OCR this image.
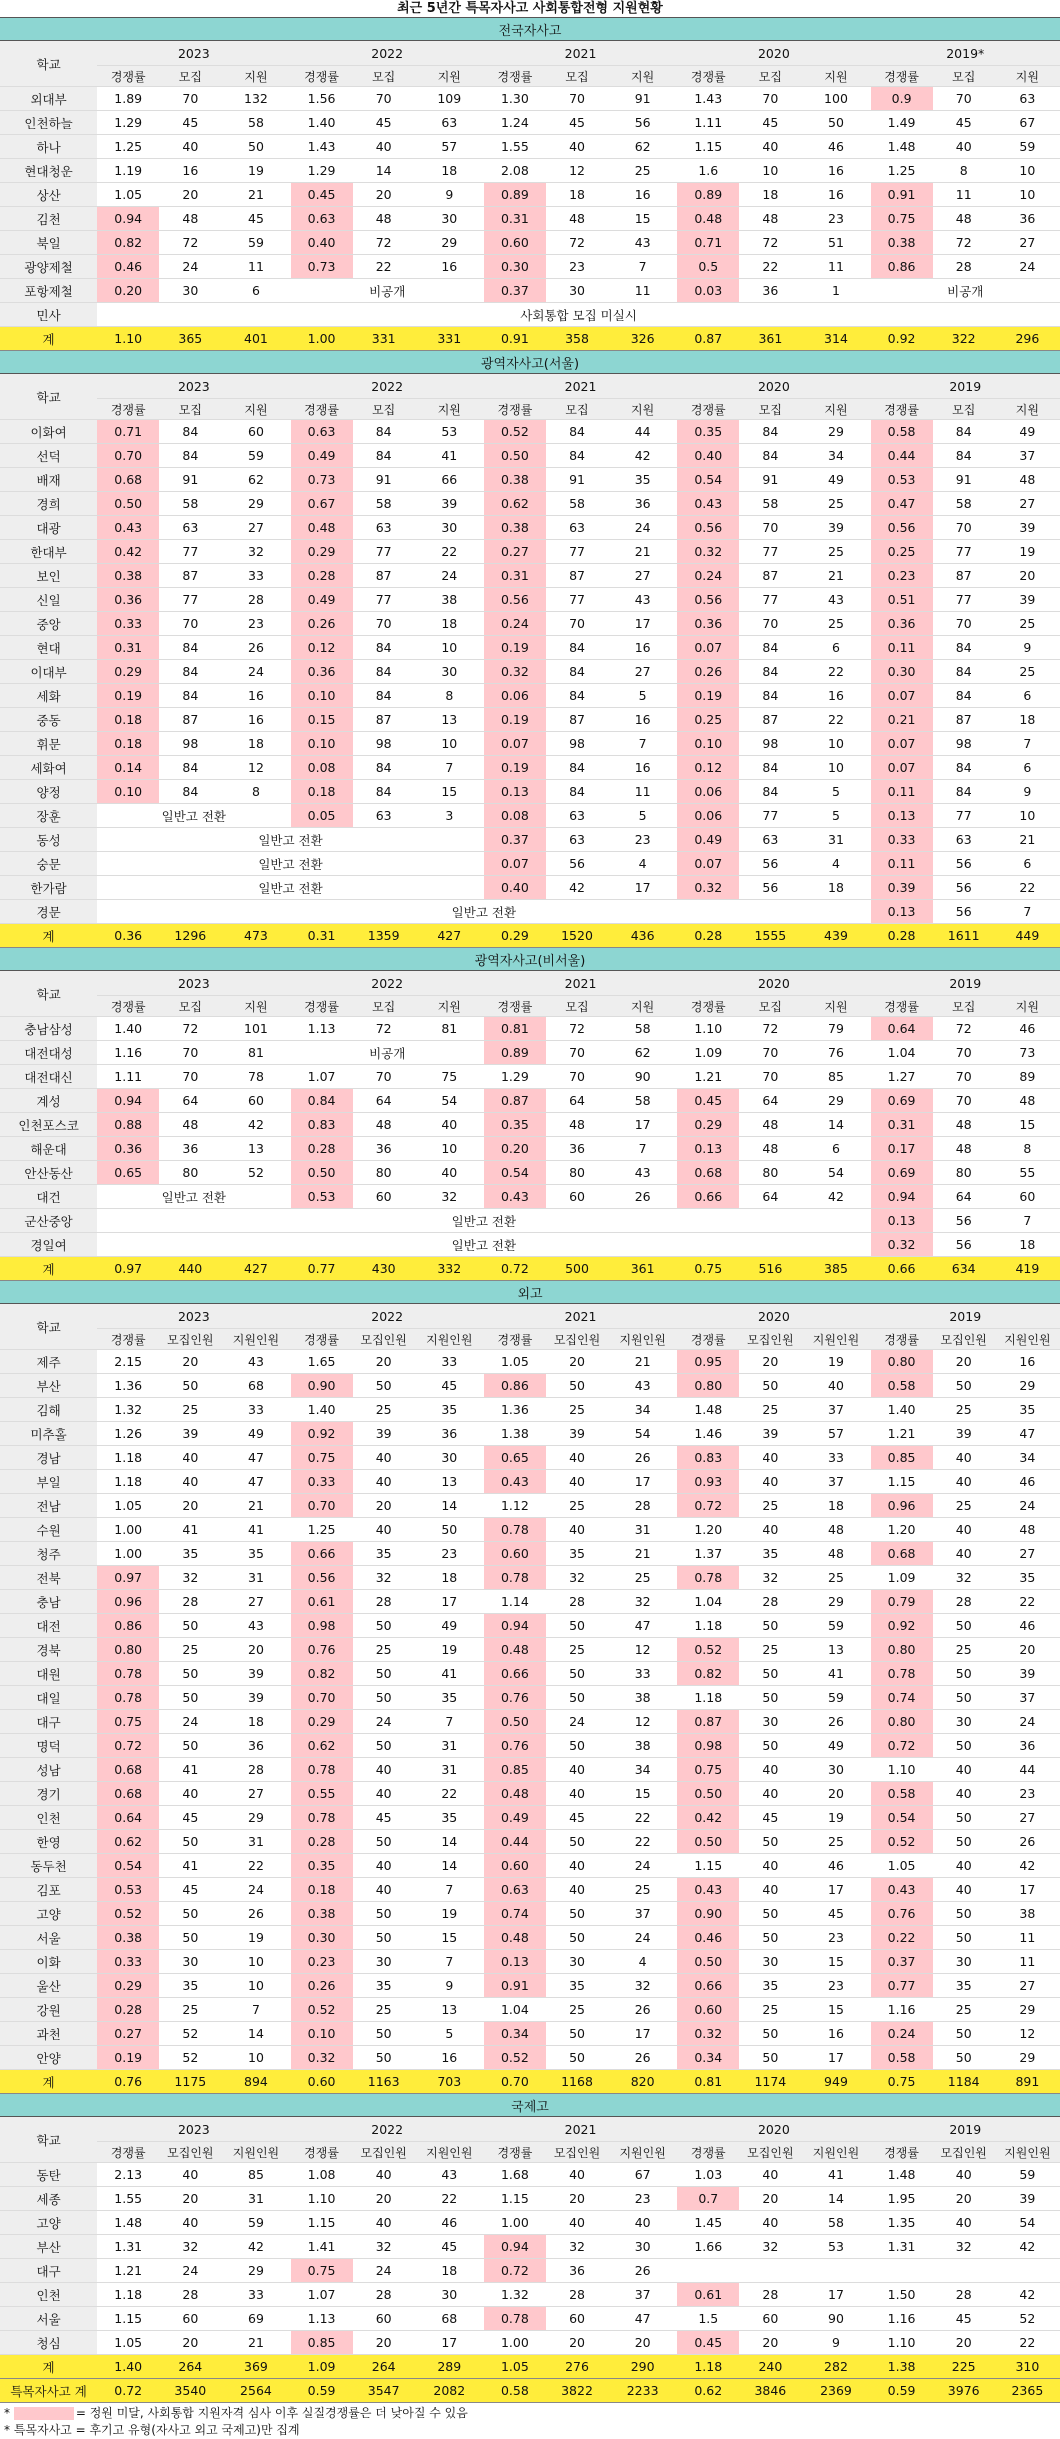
최근 5년간 특목자사고 사회통합전형 지원현황
전국자사고															
학교	2023			2022			2021			2020			2019*		
	경쟁률	모집	지원	경쟁률	모집	지원	경쟁률	모집	지원	경쟁률	모집	지원	경쟁률	모집	지원
외대부	1.89	70	132	1.56	70	109	1.30	70	91	1.43	70	100	0.9	70	63
인천하늘	1.29	45	58	1.40	45	63	1.24	45	56	1.11	45	50	1.49	45	67
하나	1.25	40	50	1.43	40	57	1.55	40	62	1.15	40	46	1.48	40	59
현대청운	1.19	16	19	1.29	14	18	2.08	12	25	1.6	10	16	1.25	8	10
상산	1.05	20	21	0.45	20	9	0.89	18	16	0.89	18	16	0.91	11	10
김천	0.94	48	45	0.63	48	30	0.31	48	15	0.48	48	23	0.75	48	36
북일	0.82	72	59	0.40	72	29	0.60	72	43	0.71	72	51	0.38	72	27
광양제철	0.46	24	11	0.73	22	16	0.30	23	7	0.5	22	11	0.86	28	24
포항제철	0.20	30	6	비공개			0.37	30	11	0.03	36	1	비공개		
민사	사회통합 모집 미실시														
계	1.10	365	401	1.00	331	331	0.91	358	326	0.87	361	314	0.92	322	296
광역자사고(서울)															
학교	2023			2022			2021			2020			2019		
	경쟁률	모집	지원	경쟁률	모집	지원	경쟁률	모집	지원	경쟁률	모집	지원	경쟁률	모집	지원
이화여	0.71	84	60	0.63	84	53	0.52	84	44	0.35	84	29	0.58	84	49
선덕	0.70	84	59	0.49	84	41	0.50	84	42	0.40	84	34	0.44	84	37
배재	0.68	91	62	0.73	91	66	0.38	91	35	0.54	91	49	0.53	91	48
경희	0.50	58	29	0.67	58	39	0.62	58	36	0.43	58	25	0.47	58	27
대광	0.43	63	27	0.48	63	30	0.38	63	24	0.56	70	39	0.56	70	39
한대부	0.42	77	32	0.29	77	22	0.27	77	21	0.32	77	25	0.25	77	19
보인	0.38	87	33	0.28	87	24	0.31	87	27	0.24	87	21	0.23	87	20
신일	0.36	77	28	0.49	77	38	0.56	77	43	0.56	77	43	0.51	77	39
중앙	0.33	70	23	0.26	70	18	0.24	70	17	0.36	70	25	0.36	70	25
현대	0.31	84	26	0.12	84	10	0.19	84	16	0.07	84	6	0.11	84	9
이대부	0.29	84	24	0.36	84	30	0.32	84	27	0.26	84	22	0.30	84	25
세화	0.19	84	16	0.10	84	8	0.06	84	5	0.19	84	16	0.07	84	6
중동	0.18	87	16	0.15	87	13	0.19	87	16	0.25	87	22	0.21	87	18
휘문	0.18	98	18	0.10	98	10	0.07	98	7	0.10	98	10	0.07	98	7
세화여	0.14	84	12	0.08	84	7	0.19	84	16	0.12	84	10	0.07	84	6
양정	0.10	84	8	0.18	84	15	0.13	84	11	0.06	84	5	0.11	84	9
장훈	일반고 전환			0.05	63	3	0.08	63	5	0.06	77	5	0.13	77	10
동성	일반고 전환						0.37	63	23	0.49	63	31	0.33	63	21
숭문	일반고 전환						0.07	56	4	0.07	56	4	0.11	56	6
한가람	일반고 전환						0.40	42	17	0.32	56	18	0.39	56	22
경문	일반고 전환												0.13	56	7
계	0.36	1296	473	0.31	1359	427	0.29	1520	436	0.28	1555	439	0.28	1611	449
광역자사고(비서울)															
학교	2023			2022			2021			2020			2019		
	경쟁률	모집	지원	경쟁률	모집	지원	경쟁률	모집	지원	경쟁률	모집	지원	경쟁률	모집	지원
충남삼성	1.40	72	101	1.13	72	81	0.81	72	58	1.10	72	79	0.64	72	46
대전대성	1.16	70	81	비공개			0.89	70	62	1.09	70	76	1.04	70	73
대전대신	1.11	70	78	1.07	70	75	1.29	70	90	1.21	70	85	1.27	70	89
계성	0.94	64	60	0.84	64	54	0.87	64	58	0.45	64	29	0.69	70	48
인천포스코	0.88	48	42	0.83	48	40	0.35	48	17	0.29	48	14	0.31	48	15
해운대	0.36	36	13	0.28	36	10	0.20	36	7	0.13	48	6	0.17	48	8
안산동산	0.65	80	52	0.50	80	40	0.54	80	43	0.68	80	54	0.69	80	55
대건	일반고 전환			0.53	60	32	0.43	60	26	0.66	64	42	0.94	64	60
군산중앙	일반고 전환												0.13	56	7
경일여	일반고 전환												0.32	56	18
계	0.97	440	427	0.77	430	332	0.72	500	361	0.75	516	385	0.66	634	419
외고															
학교	2023			2022			2021			2020			2019		
	경쟁률	모집인원	지원인원	경쟁률	모집인원	지원인원	경쟁률	모집인원	지원인원	경쟁률	모집인원	지원인원	경쟁률	모집인원	지원인원
제주	2.15	20	43	1.65	20	33	1.05	20	21	0.95	20	19	0.80	20	16
부산	1.36	50	68	0.90	50	45	0.86	50	43	0.80	50	40	0.58	50	29
김해	1.32	25	33	1.40	25	35	1.36	25	34	1.48	25	37	1.40	25	35
미추홀	1.26	39	49	0.92	39	36	1.38	39	54	1.46	39	57	1.21	39	47
경남	1.18	40	47	0.75	40	30	0.65	40	26	0.83	40	33	0.85	40	34
부일	1.18	40	47	0.33	40	13	0.43	40	17	0.93	40	37	1.15	40	46
전남	1.05	20	21	0.70	20	14	1.12	25	28	0.72	25	18	0.96	25	24
수원	1.00	41	41	1.25	40	50	0.78	40	31	1.20	40	48	1.20	40	48
청주	1.00	35	35	0.66	35	23	0.60	35	21	1.37	35	48	0.68	40	27
전북	0.97	32	31	0.56	32	18	0.78	32	25	0.78	32	25	1.09	32	35
충남	0.96	28	27	0.61	28	17	1.14	28	32	1.04	28	29	0.79	28	22
대전	0.86	50	43	0.98	50	49	0.94	50	47	1.18	50	59	0.92	50	46
경북	0.80	25	20	0.76	25	19	0.48	25	12	0.52	25	13	0.80	25	20
대원	0.78	50	39	0.82	50	41	0.66	50	33	0.82	50	41	0.78	50	39
대일	0.78	50	39	0.70	50	35	0.76	50	38	1.18	50	59	0.74	50	37
대구	0.75	24	18	0.29	24	7	0.50	24	12	0.87	30	26	0.80	30	24
명덕	0.72	50	36	0.62	50	31	0.76	50	38	0.98	50	49	0.72	50	36
성남	0.68	41	28	0.78	40	31	0.85	40	34	0.75	40	30	1.10	40	44
경기	0.68	40	27	0.55	40	22	0.48	40	15	0.50	40	20	0.58	40	23
인천	0.64	45	29	0.78	45	35	0.49	45	22	0.42	45	19	0.54	50	27
한영	0.62	50	31	0.28	50	14	0.44	50	22	0.50	50	25	0.52	50	26
동두천	0.54	41	22	0.35	40	14	0.60	40	24	1.15	40	46	1.05	40	42
김포	0.53	45	24	0.18	40	7	0.63	40	25	0.43	40	17	0.43	40	17
고양	0.52	50	26	0.38	50	19	0.74	50	37	0.90	50	45	0.76	50	38
서울	0.38	50	19	0.30	50	15	0.48	50	24	0.46	50	23	0.22	50	11
이화	0.33	30	10	0.23	30	7	0.13	30	4	0.50	30	15	0.37	30	11
울산	0.29	35	10	0.26	35	9	0.91	35	32	0.66	35	23	0.77	35	27
강원	0.28	25	7	0.52	25	13	1.04	25	26	0.60	25	15	1.16	25	29
과천	0.27	52	14	0.10	50	5	0.34	50	17	0.32	50	16	0.24	50	12
안양	0.19	52	10	0.32	50	16	0.52	50	26	0.34	50	17	0.58	50	29
계	0.76	1175	894	0.60	1163	703	0.70	1168	820	0.81	1174	949	0.75	1184	891
국제고															
학교	2023			2022			2021			2020			2019		
	경쟁률	모집인원	지원인원	경쟁률	모집인원	지원인원	경쟁률	모집인원	지원인원	경쟁률	모집인원	지원인원	경쟁률	모집인원	지원인원
동탄	2.13	40	85	1.08	40	43	1.68	40	67	1.03	40	41	1.48	40	59
세종	1.55	20	31	1.10	20	22	1.15	20	23	0.7	20	14	1.95	20	39
고양	1.48	40	59	1.15	40	46	1.00	40	40	1.45	40	58	1.35	40	54
부산	1.31	32	42	1.41	32	45	0.94	32	30	1.66	32	53	1.31	32	42
대구	1.21	24	29	0.75	24	18	0.72	36	26						
인천	1.18	28	33	1.07	28	30	1.32	28	37	0.61	28	17	1.50	28	42
서울	1.15	60	69	1.13	60	68	0.78	60	47	1.5	60	90	1.16	45	52
청심	1.05	20	21	0.85	20	17	1.00	20	20	0.45	20	9	1.10	20	22
계	1.40	264	369	1.09	264	289	1.05	276	290	1.18	240	282	1.38	225	310
특목자사고 계	0.72	3540	2564	0.59	3547	2082	0.58	3822	2233	0.62	3846	2369	0.59	3976	2365
*	= 정원 미달, 사회통합 지원자격 심사 이후 실질경쟁률은 더 낮아질 수 있음
* 특목자사고 = 후기고 유형(자사고 외고 국제고)만 집계
